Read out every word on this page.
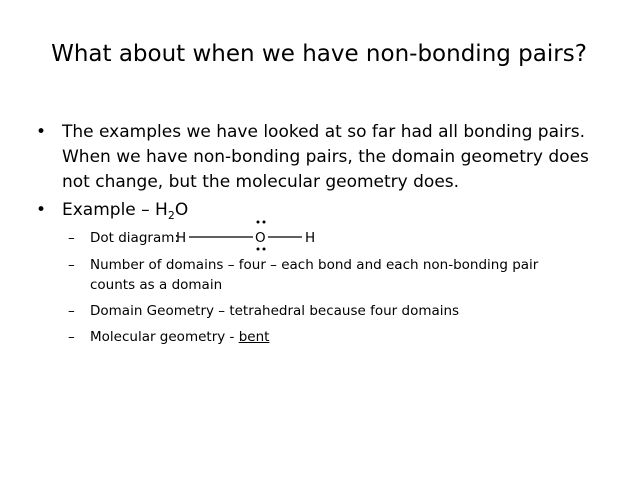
What about when we have non-bonding pairs?
• The examples we have looked at so far had all bonding pairs.
When we have non-bonding pairs, the domain geometry does
not change, but the molecular geometry does.
• Example – $H_2O$
– Dot diagram:
H	O	H
– Number of domains – four – each bond and each non-bonding pair
counts as a domain
– Domain Geometry – tetrahedral because four domains
– Molecular geometry - bent
